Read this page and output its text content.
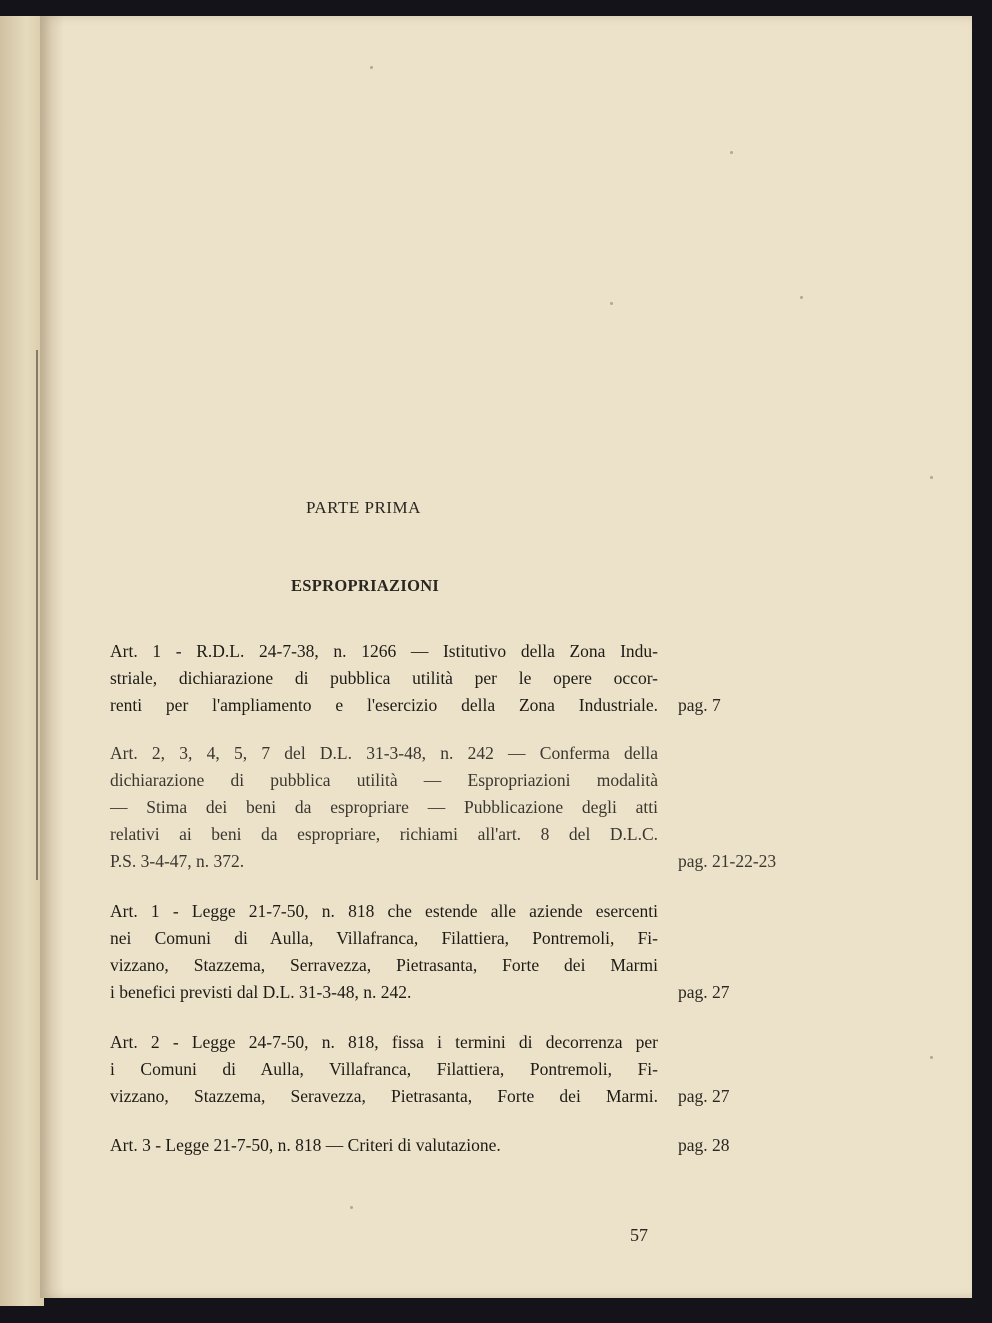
PARTE PRIMA
ESPROPRIAZIONI
Art. 1 - R.D.L. 24-7-38, n. 1266 — Istitutivo della Zona Indu-
striale, dichiarazione di pubblica utilità per le opere occor-
renti per l'ampliamento e l'esercizio della Zona Industriale. pag. 7
Art. 2, 3, 4, 5, 7 del D.L. 31-3-48, n. 242 — Conferma della
dichiarazione di pubblica utilità — Espropriazioni modalità
— Stima dei beni da espropriare — Pubblicazione degli atti
relativi ai beni da espropriare, richiami all'art. 8 del D.L.C.
P.S. 3-4-47, n. 372.	pag. 21-22-23
Art. 1 - Legge 21-7-50, n. 818 che estende alle aziende esercenti
nei Comuni di Aulla, Villafranca, Filattiera, Pontremoli, Fi-
vizzano, Stazzema, Serravezza, Pietrasanta, Forte dei Marmi
i benefici previsti dal D.L. 31-3-48, n. 242.	pag. 27
Art. 2 - Legge 24-7-50, n. 818, fissa i termini di decorrenza per
i Comuni di Aulla, Villafranca, Filattiera, Pontremoli, Fi-
vizzano, Stazzema, Seravezza, Pietrasanta, Forte dei Marmi. pag. 27
Art. 3 - Legge 21-7-50, n. 818 — Criteri di valutazione.	pag. 28
57
